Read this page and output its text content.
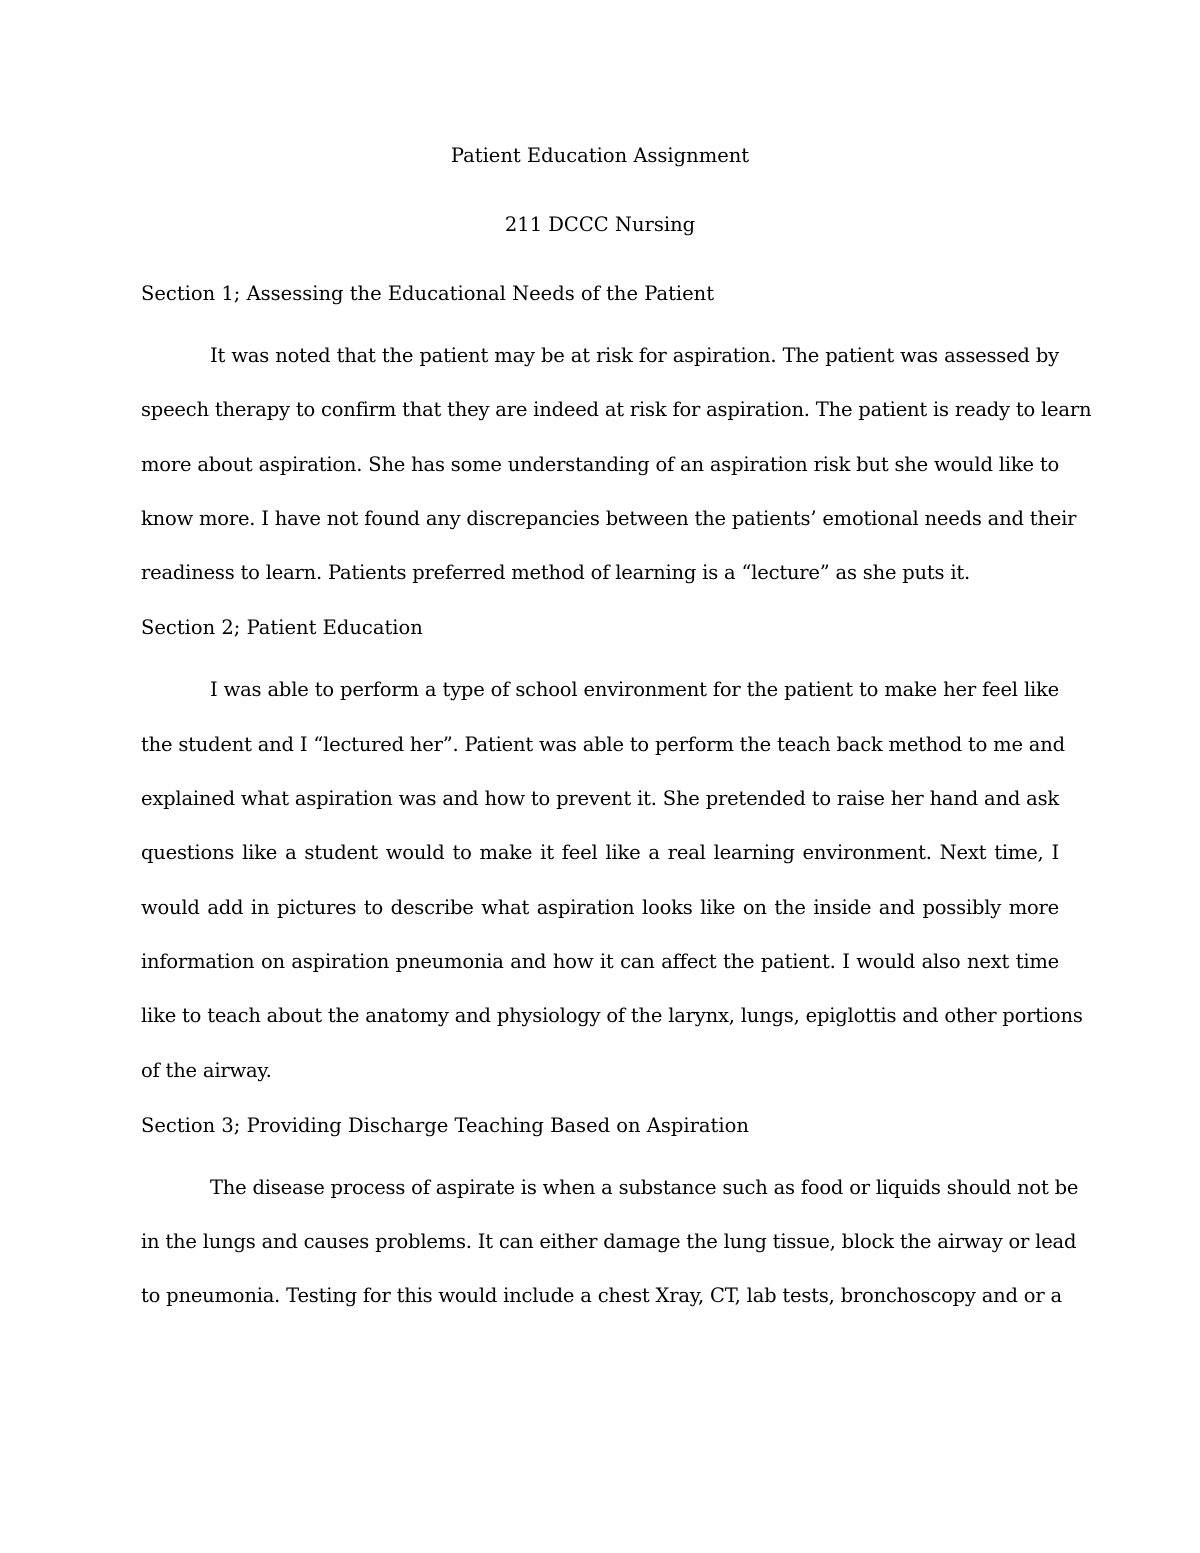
Patient Education Assignment
211 DCCC Nursing
Section 1; Assessing the Educational Needs of the Patient
It was noted that the patient may be at risk for aspiration. The patient was assessed by
speech therapy to confirm that they are indeed at risk for aspiration. The patient is ready to learn
more about aspiration. She has some understanding of an aspiration risk but she would like to
know more. I have not found any discrepancies between the patients’ emotional needs and their
readiness to learn. Patients preferred method of learning is a “lecture” as she puts it.
Section 2; Patient Education
I was able to perform a type of school environment for the patient to make her feel like
the student and I “lectured her”. Patient was able to perform the teach back method to me and
explained what aspiration was and how to prevent it. She pretended to raise her hand and ask
questions like a student would to make it feel like a real learning environment. Next time, I
would add in pictures to describe what aspiration looks like on the inside and possibly more
information on aspiration pneumonia and how it can affect the patient. I would also next time
like to teach about the anatomy and physiology of the larynx, lungs, epiglottis and other portions
of the airway.
Section 3; Providing Discharge Teaching Based on Aspiration
The disease process of aspirate is when a substance such as food or liquids should not be
in the lungs and causes problems. It can either damage the lung tissue, block the airway or lead
to pneumonia. Testing for this would include a chest Xray, CT, lab tests, bronchoscopy and or a
